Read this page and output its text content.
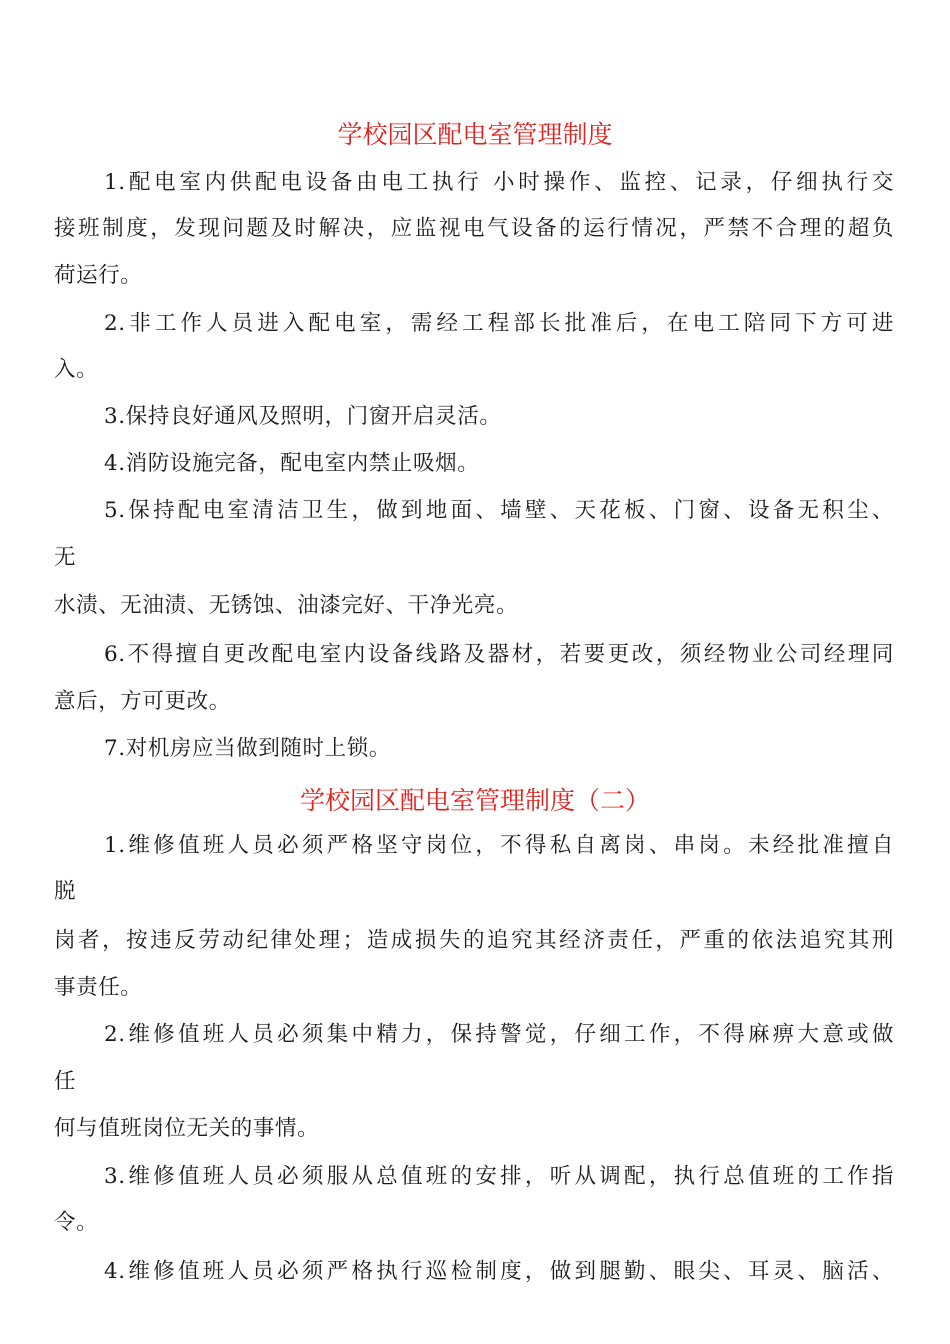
学校园区配电室管理制度
1.配电室内供配电设备由电工执行 小时操作、监控、记录，仔细执行交
接班制度，发现问题及时解决，应监视电气设备的运行情况，严禁不合理的超负
荷运行。
2.非工作人员进入配电室，需经工程部长批准后，在电工陪同下方可进
入。
3.保持良好通风及照明，门窗开启灵活。
4.消防设施完备，配电室内禁止吸烟。
5.保持配电室清洁卫生，做到地面、墙壁、天花板、门窗、设备无积尘、
无
水渍、无油渍、无锈蚀、油漆完好、干净光亮。
6.不得擅自更改配电室内设备线路及器材，若要更改，须经物业公司经理同
意后，方可更改。
7.对机房应当做到随时上锁。
学校园区配电室管理制度（二）
1.维修值班人员必须严格坚守岗位，不得私自离岗、串岗。未经批准擅自
脱
岗者，按违反劳动纪律处理；造成损失的追究其经济责任，严重的依法追究其刑
事责任。
2.维修值班人员必须集中精力，保持警觉，仔细工作，不得麻痹大意或做
任
何与值班岗位无关的事情。
3.维修值班人员必须服从总值班的安排，听从调配，执行总值班的工作指
令。
4.维修值班人员必须严格执行巡检制度，做到腿勤、眼尖、耳灵、脑活、
